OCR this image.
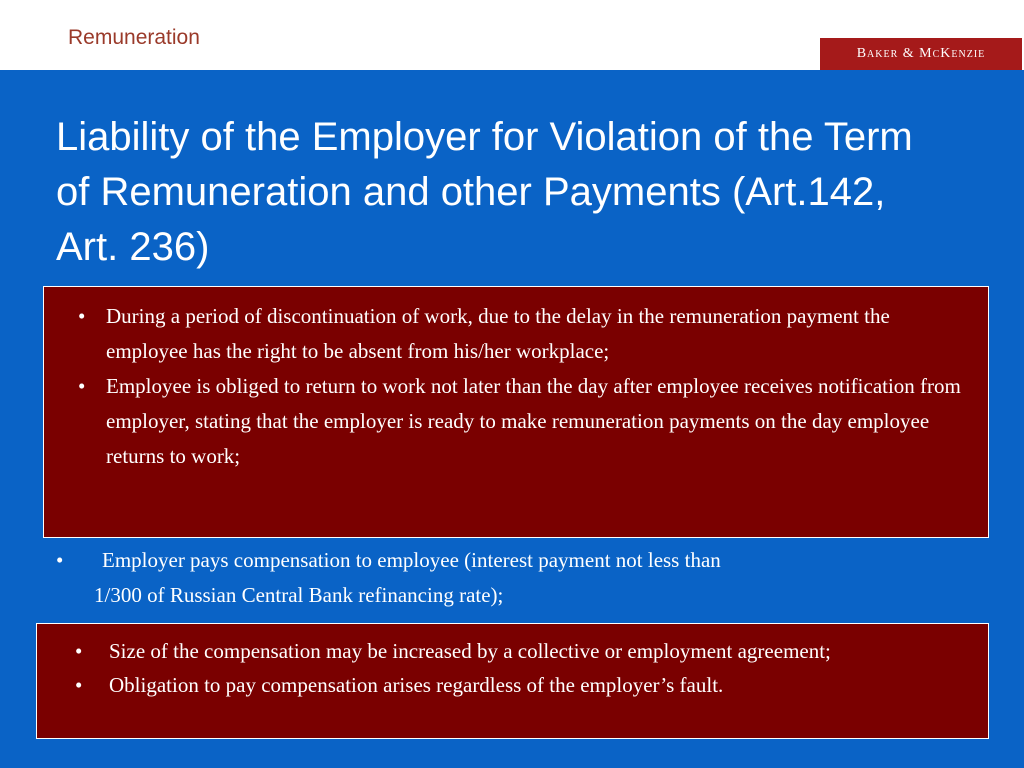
Remuneration
Baker & McKenzie
Liability of the Employer for Violation of the Term of Remuneration and other Payments (Art.142, Art. 236)
• During a period of discontinuation of work, due to the delay in the remuneration payment the employee has the right to be absent from his/her workplace;
• Employee is obliged to return to work not later than the day after employee receives notification from employer, stating that the employer is ready to make remuneration payments on the day employee returns to work;
•	Employer pays compensation to employee (interest payment not less than
1/300 of Russian Central Bank refinancing rate);
• Size of the compensation may be increased by a collective or employment agreement;
• Obligation to pay compensation arises regardless of the employer’s fault.
